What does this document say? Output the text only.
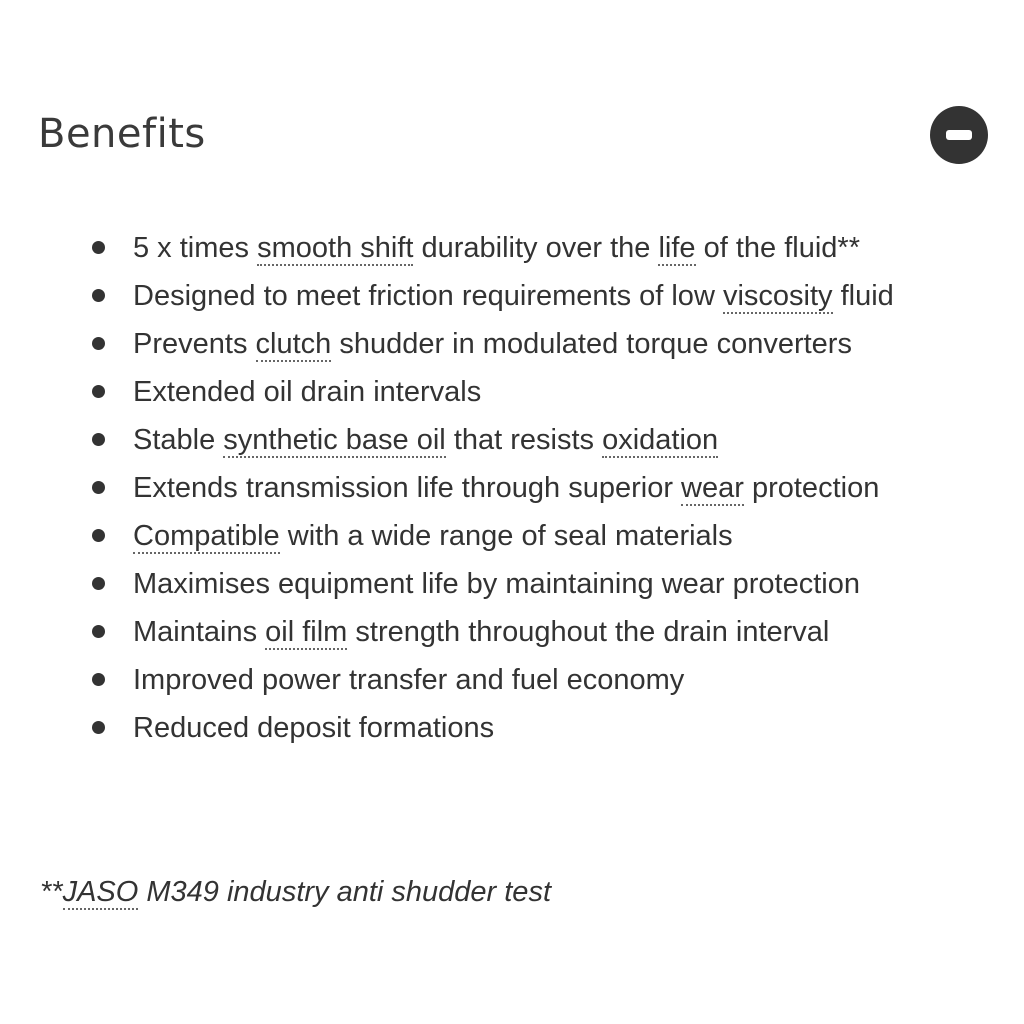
Benefits
5 x times smooth shift durability over the life of the fluid**
Designed to meet friction requirements of low viscosity fluid
Prevents clutch shudder in modulated torque converters
Extended oil drain intervals
Stable synthetic base oil that resists oxidation
Extends transmission life through superior wear protection
Compatible with a wide range of seal materials
Maximises equipment life by maintaining wear protection
Maintains oil film strength throughout the drain interval
Improved power transfer and fuel economy
Reduced deposit formations

**JASO M349 industry anti shudder test
